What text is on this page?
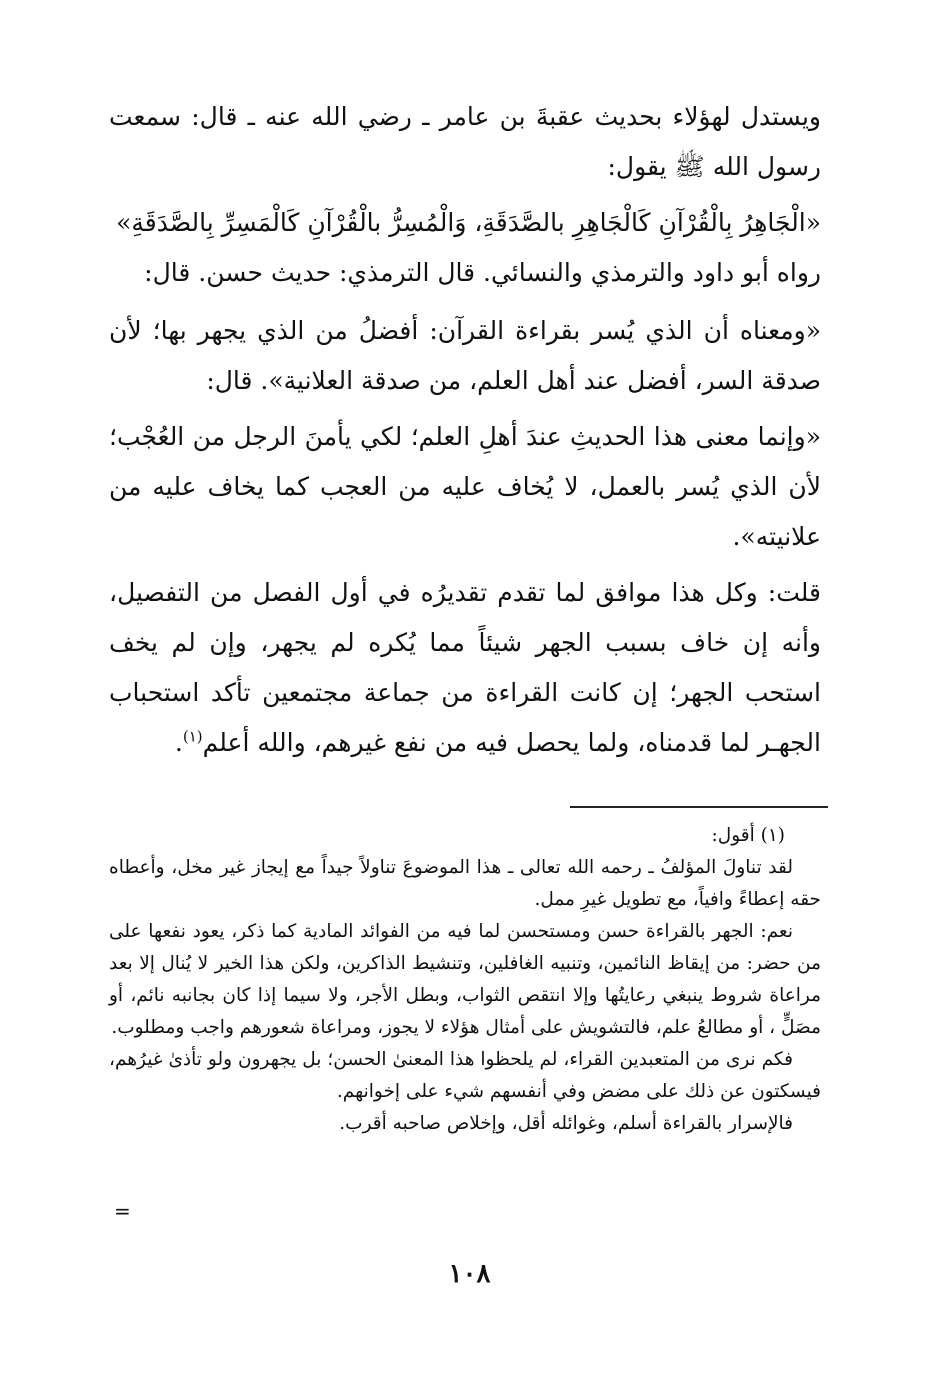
ويستدل لهؤلاء بحديث عقبةَ بن عامر ـ رضي الله عنه ـ قال: سمعت رسول الله ﷺ يقول:

«الْجَاهِرُ بِالْقُرْآنِ كَالْجَاهِرِ بالصَّدَقَةِ، وَالْمُسِرُّ بالْقُرْآنِ كَالْمَسِرِّ بِالصَّدَقَةِ»

رواه أبو داود والترمذي والنسائي. قال الترمذي: حديث حسن. قال:

«ومعناه أن الذي يُسر بقراءة القرآن: أفضلُ من الذي يجهر بها؛ لأن صدقة السر، أفضل عند أهل العلم، من صدقة العلانية». قال:

«وإنما معنى هذا الحديثِ عندَ أهلِ العلم؛ لكي يأمنَ الرجل من العُجْب؛ لأن الذي يُسر بالعمل، لا يُخاف عليه من العجب كما يخاف عليه من علانيته».

قلت: وكل هذا موافق لما تقدم تقديرُه في أول الفصل من التفصيل، وأنه إن خاف بسبب الجهر شيئاً مما يُكره لم يجهر، وإن لم يخف استحب الجهر؛ إن كانت القراءة من جماعة مجتمعين تأكد استحباب الجهـر لما قدمناه، ولما يحصل فيه من نفع غيرهم، والله أعلم$^{(١)}$.

(١) أقول:

لقد تناولَ المؤلفُ ـ رحمه الله تعالى ـ هذا الموضوعَ تناولاً جيداً مع إيجاز غير مخل، وأعطاه حقه إعطاءً وافياً، مع تطويل غيرِ ممل.

نعم: الجهر بالقراءة حسن ومستحسن لما فيه من الفوائد المادية كما ذكر، يعود نفعها على من حضر: من إيقاظ النائمين، وتنبيه الغافلين، وتنشيط الذاكرين، ولكن هذا الخير لا يُنال إلا بعد مراعاة شروط ينبغي رعايتُها وإلا انتقص الثواب، وبطل الأجر، ولا سيما إذا كان بجانبه نائم، أو مصَلٍّ ، أو مطالعُ علم، فالتشويش على أمثال هؤلاء لا يجوز، ومراعاة شعورهم واجب ومطلوب.

فكم نرى من المتعبدين القراء، لم يلحظوا هذا المعنىٰ الحسن؛ بل يجهرون ولو تأذىٰ غيرُهم، فيسكتون عن ذلك على مضض وفي أنفسهم شيء على إخوانهم.

فالإسرار بالقراءة أسلم، وغوائله أقل، وإخلاص صاحبه أقرب.

=
١٠٨
